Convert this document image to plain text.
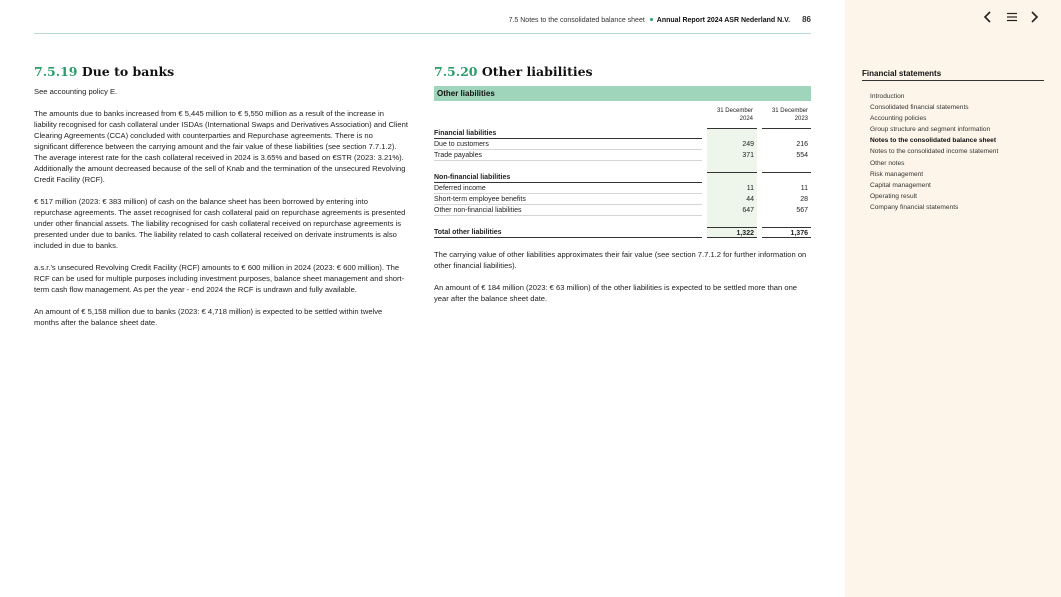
7.5 Notes to the consolidated balance sheet Annual Report 2024 ASR Nederland N.V. 86
7.5.19 Due to banks

See accounting policy E.

The amounts due to banks increased from € 5,445 million to € 5,550 million as a result of the increase in liability recognised for cash collateral under ISDAs (International Swaps and Derivatives Association) and Client Clearing Agreements (CCA) concluded with counterparties and Repurchase agreements. There is no significant difference between the carrying amount and the fair value of these liabilities (see section 7.7.1.2). The average interest rate for the cash collateral received in 2024 is 3.65% and based on €STR (2023: 3.21%). Additionally the amount decreased because of the sell of Knab and the termination of the unsecured Revolving Credit Facility (RCF).

€ 517 million (2023: € 383 million) of cash on the balance sheet has been borrowed by entering into repurchase agreements. The asset recognised for cash collateral paid on repurchase agreements is presented under other financial assets. The liability recognised for cash collateral received on repurchase agreements is presented under due to banks. The liability related to cash collateral received on derivate instruments is also included in due to banks.

a.s.r.'s unsecured Revolving Credit Facility (RCF) amounts to € 600 million in 2024 (2023: € 600 million). The RCF can be used for multiple purposes including investment purposes, balance sheet management and short-term cash flow management. As per the year - end 2024 the RCF is undrawn and fully available.

An amount of € 5,158 million due to banks (2023: € 4,718 million) is expected to be settled within twelve months after the balance sheet date.

7.5.20 Other liabilities
Other liabilities
31 December 2024
31 December 2023
Financial liabilities
Due to customers	249	216
Trade payables	371	554
Non-financial liabilities
Deferred income	11	11
Short-term employee benefits	44	28
Other non-financial liabilities	647	567
Total other liabilities	1,322	1,376

The carrying value of other liabilities approximates their fair value (see section 7.7.1.2 for further information on other financial liabilities).

An amount of € 184 million (2023: € 63 million) of the other liabilities is expected to be settled more than one year after the balance sheet date.

Financial statements
Introduction
Consolidated financial statements
Accounting policies
Group structure and segment information
Notes to the consolidated balance sheet
Notes to the consolidated income statement
Other notes
Risk management
Capital management
Operating result
Company financial statements
